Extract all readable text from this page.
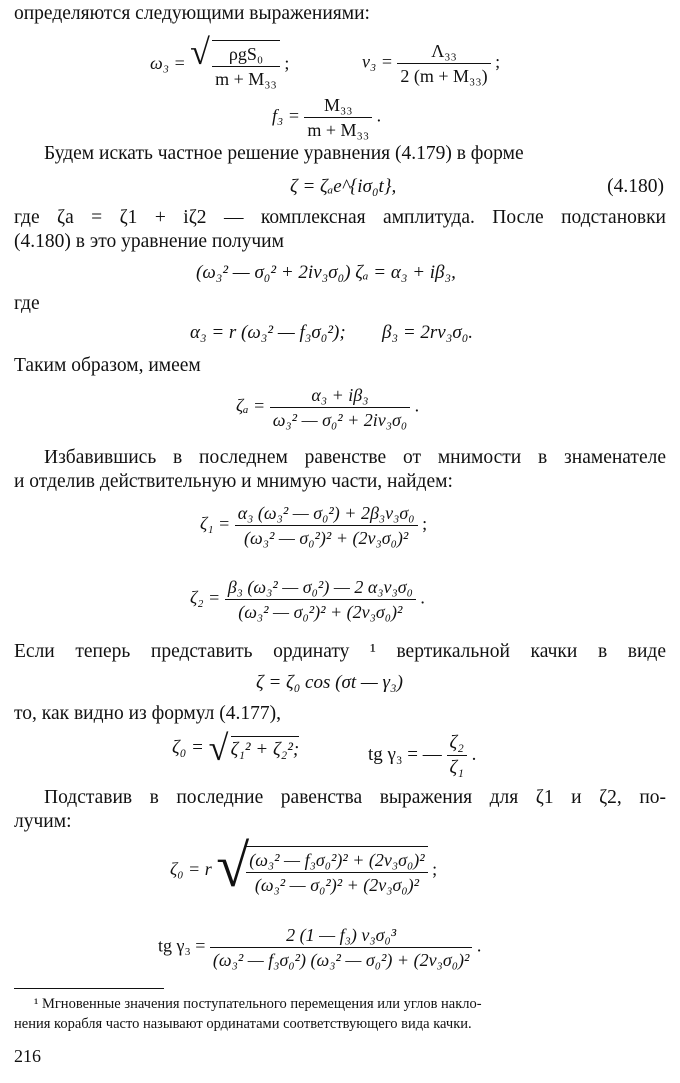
определяются следующими выражениями:
ω₃ = √ $\frac{\text{ρgS₀}}{\text{m + M₃₃}}$ ;	$\nu_3 = \frac{\text{Λ₃₃}}{\text{2 (m + M₃₃)}}$ ;
$f_3 = \frac{\text{M₃₃}}{\text{m + M₃₃}}$ .
Будем искать частное решение уравнения (4.179) в форме
ζ = ζₐe^{iσ₀t},	(4.180)
где ζa = ζ1 + iζ2 — комплексная амплитуда. После подстановки
(4.180) в это уравнение получим
(ω₃² — σ₀² + 2iν₃σ₀) ζₐ = α₃ + iβ₃,
где
α₃ = r (ω₃² — f₃σ₀²); β₃ = 2rν₃σ₀.
Таким образом, имеем
$\zeta_a = \frac{\text{α₃ + iβ₃}}{\text{ω₃² — σ₀² + 2iν₃σ₀}}$ .
Избавившись в последнем равенстве от мнимости в знаменателе
и отделив действительную и мнимую части, найдем:
$\zeta_1 = \frac{\text{α₃ (ω₃² — σ₀²) + 2β₃ν₃σ₀}}{\text{(ω₃² — σ₀²)² + (2ν₃σ₀)²}}$ ;
$\zeta_2 = \frac{\text{β₃ (ω₃² — σ₀²) — 2 α₃ν₃σ₀}}{\text{(ω₃² — σ₀²)² + (2ν₃σ₀)²}}$ .
Если теперь представить ординату ¹ вертикальной качки в виде
ζ = ζ₀ cos (σt — γ₃)
то, как видно из формул (4.177),
ζ₀ = √ ζ₁² + ζ₂²;	tg γ₃ = — $\frac{\text{ζ₂}}{\text{ζ₁}}$ .
Подставив в последние равенства выражения для ζ1 и ζ2, по-
лучим:
ζ₀ = r √
$\frac{\text{(ω₃² — f₃σ₀²)² + (2ν₃σ₀)²}}{\text{(ω₃² — σ₀²)² + (2ν₃σ₀)²}}$ ;
tg $\gamma_3 = \frac{\text{2 (1 — f₃) ν₃σ₀³}}{\text{(ω₃² — f₃σ₀²) (ω₃² — σ₀²) + (2ν₃σ₀)²}}$ .
¹ Мгновенные значения поступательного перемещения или углов накло-
нения корабля часто называют ординатами соответствующего вида качки.
216
